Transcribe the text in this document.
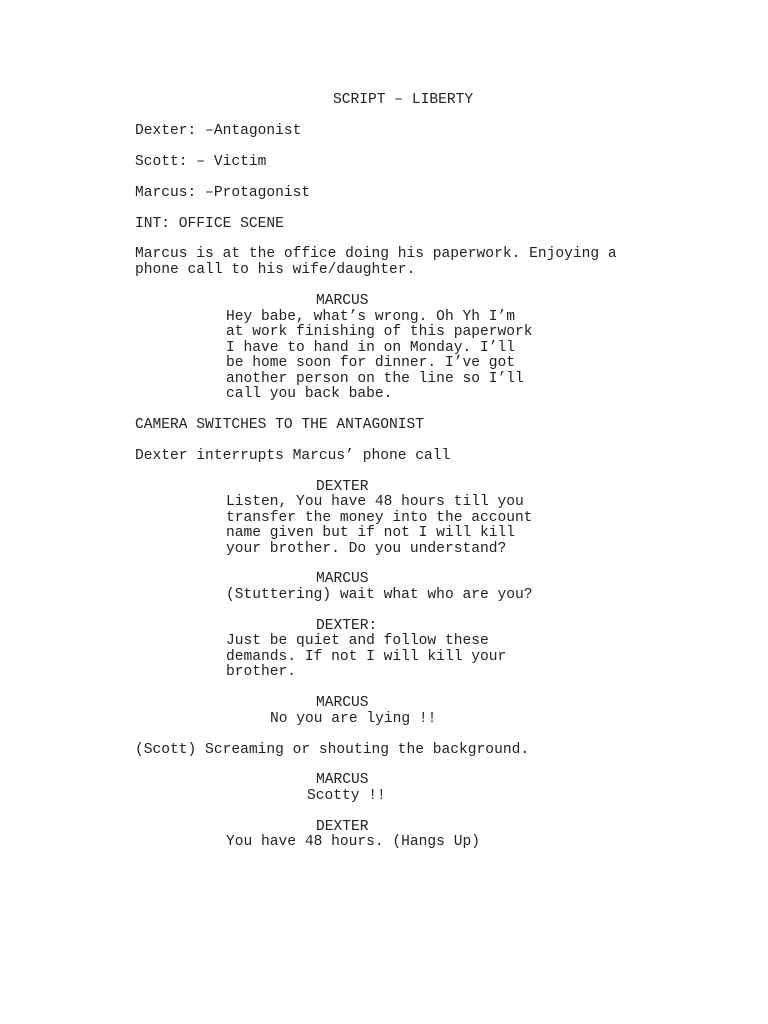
SCRIPT – LIBERTY
Dexter: –Antagonist
Scott: – Victim
Marcus: –Protagonist
INT: OFFICE SCENE
Marcus is at the office doing his paperwork. Enjoying a
phone call to his wife/daughter.
MARCUS
Hey babe, what’s wrong. Oh Yh I’m
at work finishing of this paperwork
I have to hand in on Monday. I’ll
be home soon for dinner. I’ve got
another person on the line so I’ll
call you back babe.
CAMERA SWITCHES TO THE ANTAGONIST
Dexter interrupts Marcus’ phone call
DEXTER
Listen, You have 48 hours till you
transfer the money into the account
name given but if not I will kill
your brother. Do you understand?
MARCUS
(Stuttering) wait what who are you?
DEXTER:
Just be quiet and follow these
demands. If not I will kill your
brother.
MARCUS
No you are lying !!
(Scott) Screaming or shouting the background.
MARCUS
Scotty !!
DEXTER
You have 48 hours. (Hangs Up)
